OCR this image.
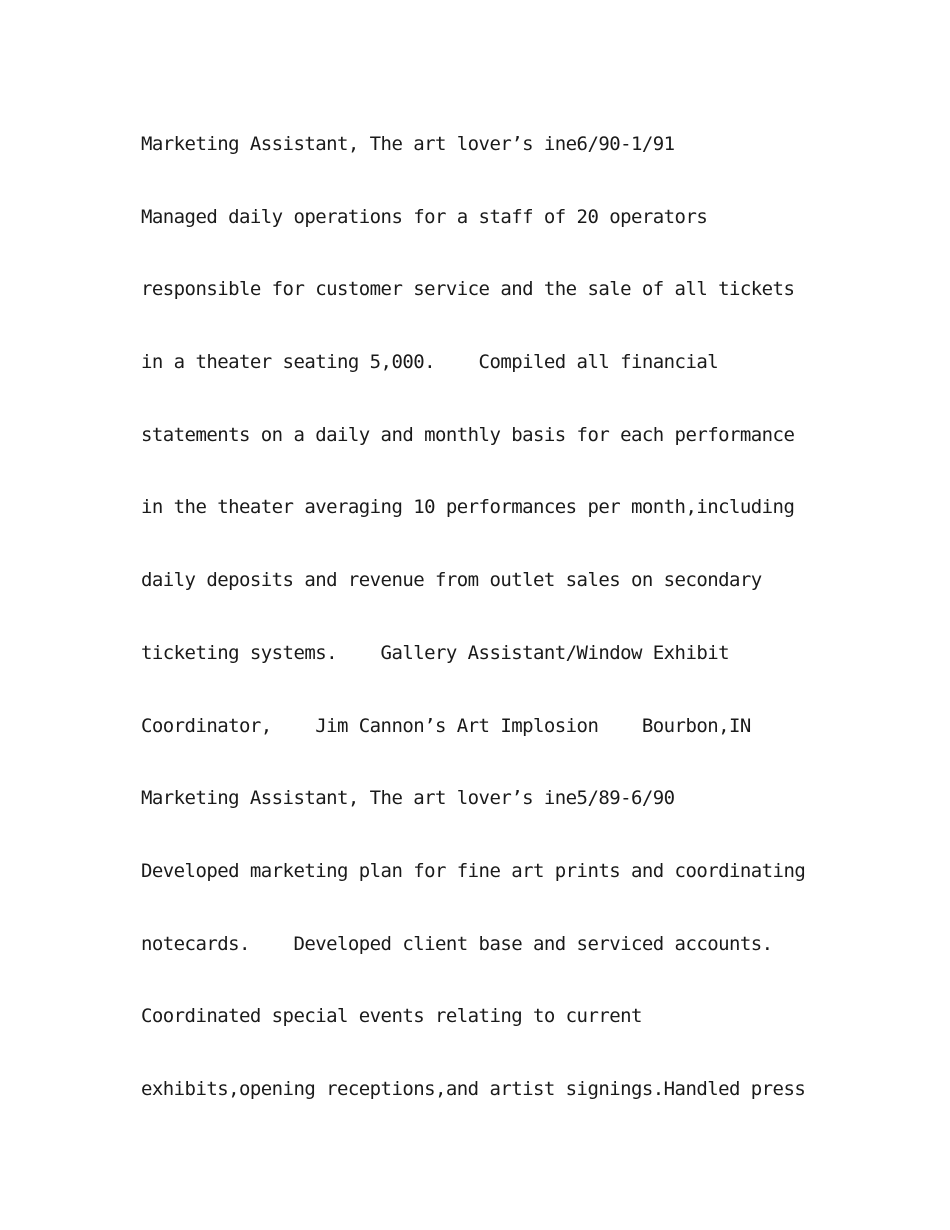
Marketing Assistant, The art lover’s ine6/90-1/91
Managed daily operations for a staff of 20 operators
responsible for customer service and the sale of all tickets
in a theater seating 5,000.    Compiled all financial
statements on a daily and monthly basis for each performance
in the theater averaging 10 performances per month,including
daily deposits and revenue from outlet sales on secondary
ticketing systems.    Gallery Assistant/Window Exhibit
Coordinator,    Jim Cannon’s Art Implosion    Bourbon,IN
Marketing Assistant, The art lover’s ine5/89-6/90
Developed marketing plan for fine art prints and coordinating
notecards.    Developed client base and serviced accounts.
Coordinated special events relating to current
exhibits,opening receptions,and artist signings.Handled press
